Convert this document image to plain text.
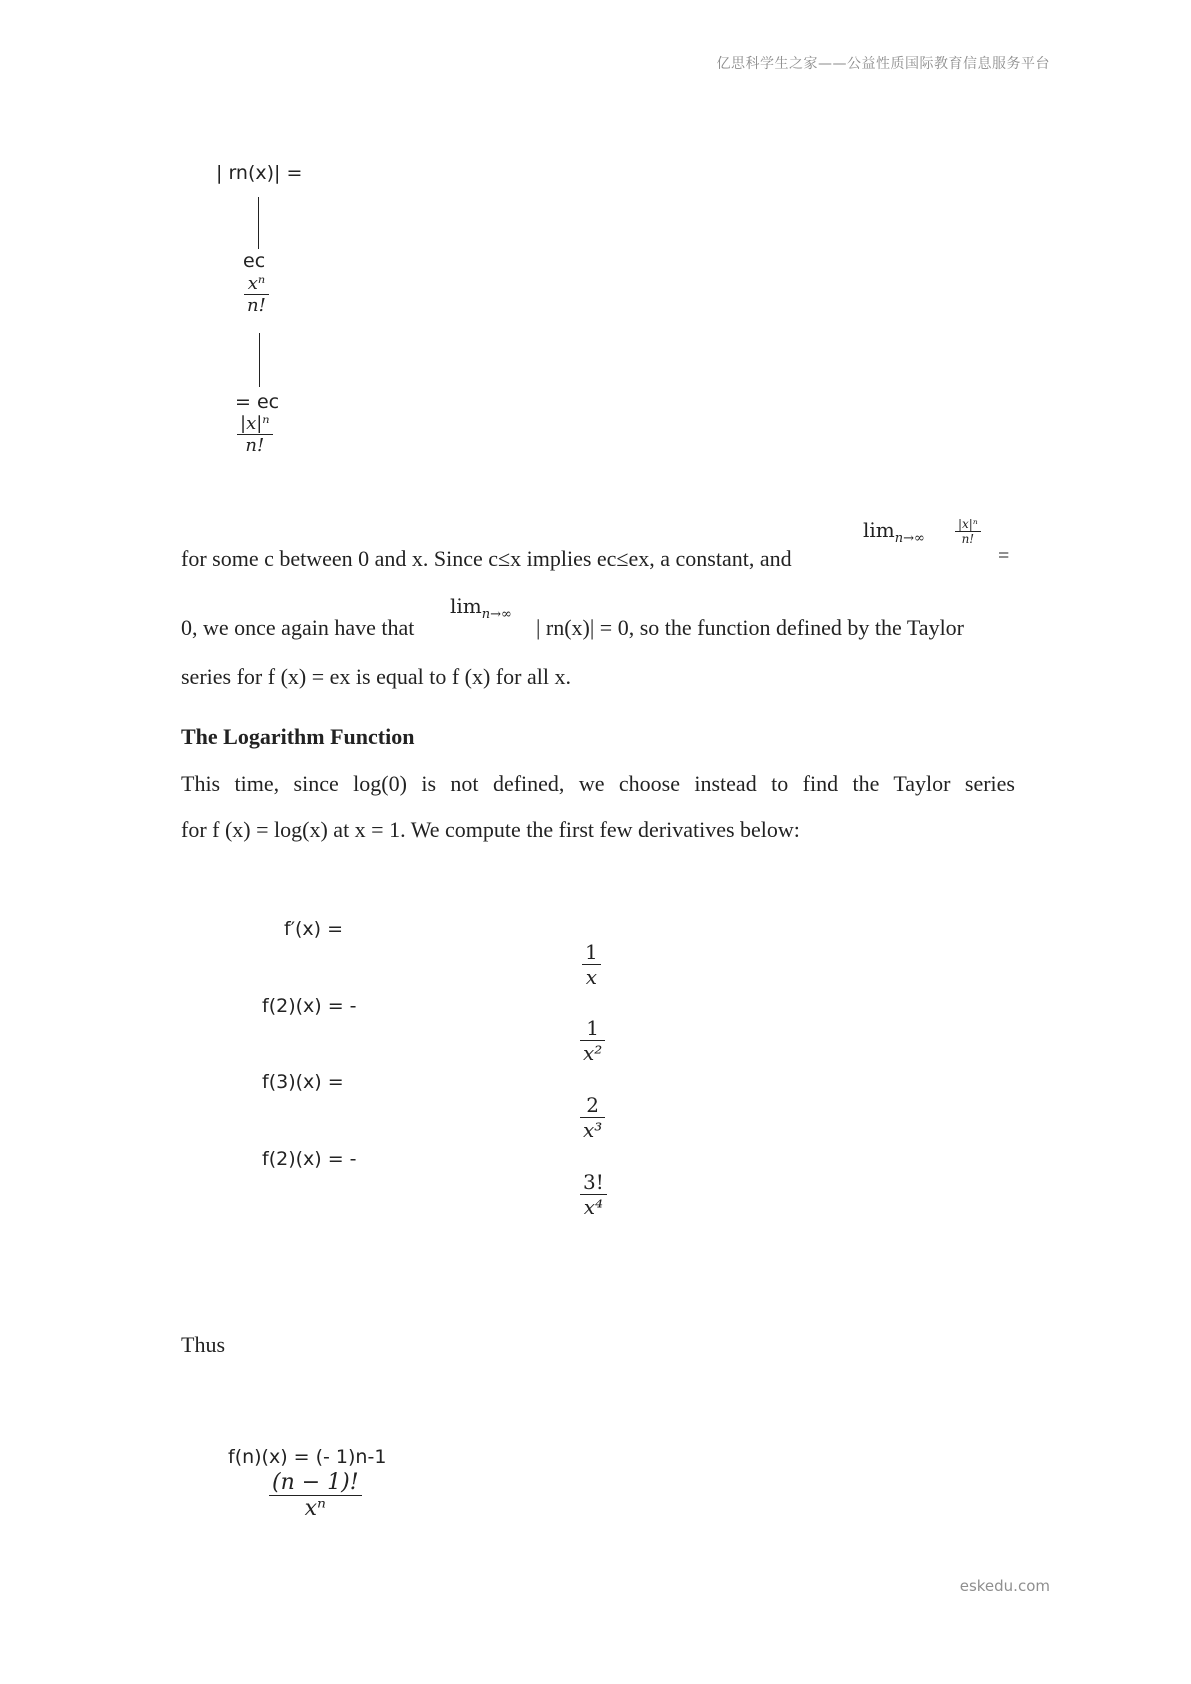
亿思科学生之家——公益性质国际教育信息服务平台
eskedu.com
| rn(x)| =
ec
xⁿ
n!
= ec
|x|ⁿ
n!
for some c between 0 and x. Since c≤x implies ec≤ex, a constant, and
$\lim_{n\to\infty}$
|x|ⁿ
n!
=
0, we once again have that
$\lim_{n\to\infty}$
| rn(x)| = 0, so the function defined by the Taylor
series for f (x) = ex is equal to f (x) for all x.
The Logarithm Function
This time, since log(0) is not defined, we choose instead to find the Taylor series
for f (x) = log(x) at x = 1. We compute the first few derivatives below:
f′(x) =
f(2)(x) = -
f(3)(x) =
f(2)(x) = -
1
x
1
x²
2
x³
3!
x⁴
Thus
f(n)(x) = (- 1)n-1
(n − 1)!
xⁿ
